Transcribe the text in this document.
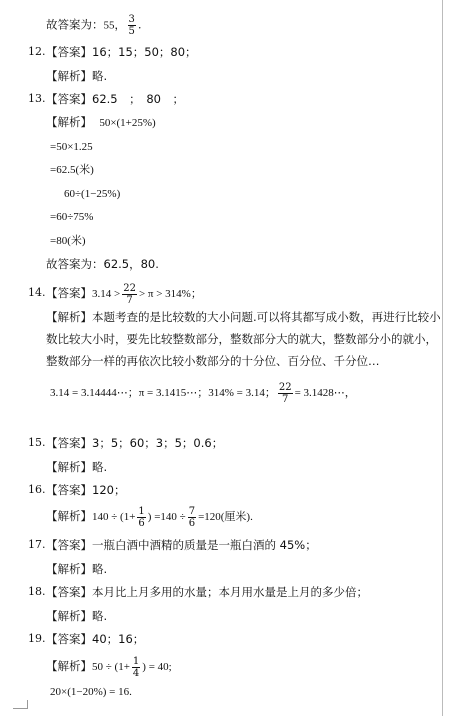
故答案为：55， $\frac{3}{5}$ .
12. 【答案】16；15；50；80；
【解析】略.
13. 【答案】62.5　；　80　；
【解析】 50×(1+25%)
=50×1.25
=62.5(米)
60÷(1−25%)
=60÷75%
=80(米)
故答案为：62.5，80.
14. 【答案】$3.14 > \frac{22}{7} > \pi > 314\%$；
【解析】本题考查的是比较数的大小问题.可以将其都写成小数，再进行比较小数比较大小时，要先比较整数部分，整数部分大的就大，整数部分小的就小，整数部分一样的再依次比较小数部分的十分位、百分位、千分位…
3.14 = 3.14444⋯；π = 3.1415⋯；314% = 3.14； $\frac{22}{7}$ = 3.1428⋯，
15. 【答案】3；5；60；3；5；0.6；
【解析】略.
16. 【答案】120；
【解析】$140 \div (1+ \frac{1}{6}$ ) $=140 \div \frac{7}{6} =120$(厘米).
17. 【答案】一瓶白酒中酒精的质量是一瓶白酒的 45%；
【解析】略.
18. 【答案】本月比上月多用的水量；本月用水量是上月的多少倍；
【解析】略.
19. 【答案】40；16；
【解析】$50 \div (1+ \frac{1}{4}$ ) = 40;
20×(1−20%) = 16.
